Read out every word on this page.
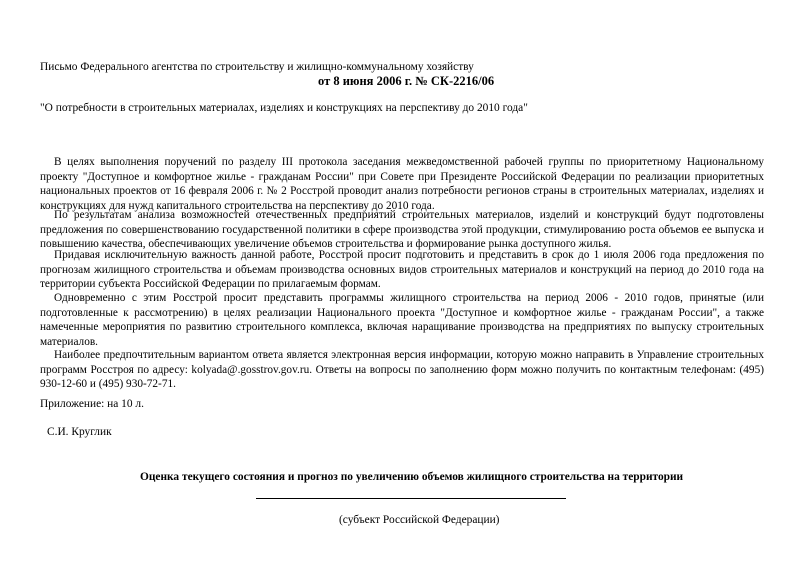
Письмо Федерального агентства по строительству и жилищно-коммунальному хозяйству
от 8 июня 2006 г. № СК-2216/06
"О потребности в строительных материалах, изделиях и конструкциях на перспективу до 2010 года"

В целях выполнения поручений по разделу III протокола заседания межведомственной рабочей группы по приоритетному Национальному проекту "Доступное и комфортное жилье - гражданам России" при Совете при Президенте Российской Федерации по реализации приоритетных национальных проектов от 16 февраля 2006 г. № 2 Росстрой проводит анализ потребности регионов страны в строительных материалах, изделиях и конструкциях для нужд капитального строительства на перспективу до 2010 года.

По результатам анализа возможностей отечественных предприятий строительных материалов, изделий и конструкций будут подготовлены предложения по совершенствованию государственной политики в сфере производства этой продукции, стимулированию роста объемов ее выпуска и повышению качества, обеспечивающих увеличение объемов строительства и формирование рынка доступного жилья.

Придавая исключительную важность данной работе, Росстрой просит подготовить и представить в срок до 1 июля 2006 года предложения по прогнозам жилищного строительства и объемам производства основных видов строительных материалов и конструкций на период до 2010 года на территории субъекта Российской Федерации по прилагаемым формам.

Одновременно с этим Росстрой просит представить программы жилищного строительства на период 2006 - 2010 годов, принятые (или подготовленные к рассмотрению) в целях реализации Национального проекта "Доступное и комфортное жилье - гражданам России", а также намеченные мероприятия по развитию строительного комплекса, включая наращивание производства на предприятиях по выпуску строительных материалов.

Наиболее предпочтительным вариантом ответа является электронная версия информации, которую можно направить в Управление строительных программ Росстроя по адресу: kolyada@.gosstrov.gov.ru. Ответы на вопросы по заполнению форм можно получить по контактным телефонам: (495) 930-12-60 и (495) 930-72-71.

Приложение: на 10 л.
С.И. Круглик
Оценка текущего состояния и прогноз по увеличению объемов жилищного строительства на территории
(субъект Российской Федерации)
